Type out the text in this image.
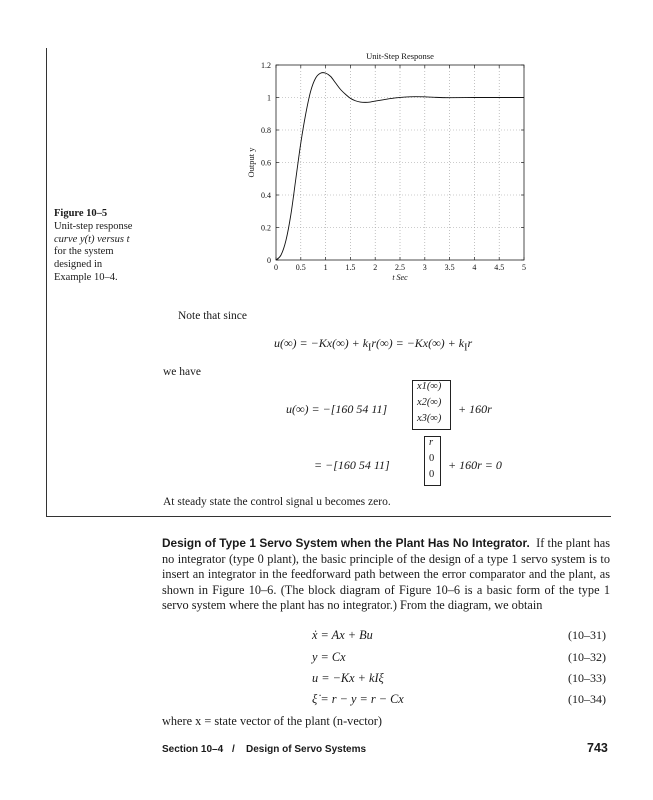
Figure 10–5
Unit-step response
curve y(t) versus t
for the system
designed in
Example 10–4.
0 0.5 1 1.5 2 2.5 3 3.5 4 4.5 5
0
0.2
0.4
0.6
0.8
1
1.2
Unit-Step Response
t Sec
Output y
Note that since
$u(\infty) = -Kx(\infty) + k_Ir(\infty) = -Kx(\infty) + k_Ir$
we have
u(∞) = −[160 54 11]
x1(∞)
x2(∞)
x3(∞)
+ 160r
= −[160 54 11]
r
0
0
+ 160r = 0
At steady state the control signal u becomes zero.
Design of Type 1 Servo System when the Plant Has No Integrator. If the plant has no integrator (type 0 plant), the basic principle of the design of a type 1 servo system is to insert an integrator in the feedforward path between the error comparator and the plant, as shown in Figure 10–6. (The block diagram of Figure 10–6 is a basic form of the type 1 servo system where the plant has no integrator.) From the diagram, we obtain
ẋ = Ax + Bu	(10–31)
y = Cx	(10–32)
u = −Kx + kIξ	(10–33)
ξ̇ = r − y = r − Cx	(10–34)
where x = state vector of the plant (n-vector)
Section 10–4 / Design of Servo Systems	743
